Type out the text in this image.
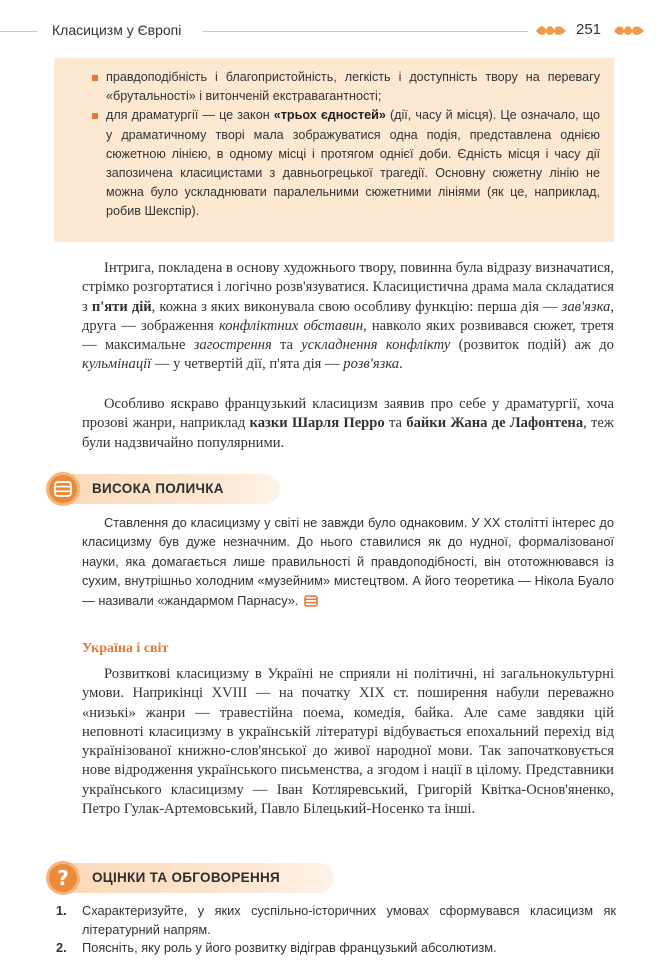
Класицизм у Європі	251
правдоподібність і благопристойність, легкість і доступність твору на перевагу «брутальності» і витонченій екстравагантності;
для драматургії — це закон «трьох єдностей» (дії, часу й місця). Це означало, що у драматичному творі мала зображуватися одна подія, представлена однією сюжетною лінією, в одному місці і протягом однієї доби. Єдність місця і часу дії запозичена класицистами з давньогрецької трагедії. Основну сюжетну лінію не можна було ускладнювати паралельними сюжетними лініями (як це, наприклад, робив Шекспір).

Інтрига, покладена в основу художнього твору, повинна була відразу визначатися, стрімко розгортатися і логічно розв'язуватися. Класицистична драма мала складатися з п'яти дій, кожна з яких виконувала свою особливу функцію: перша дія — зав'язка, друга — зображення конфліктних обставин, навколо яких розвивався сюжет, третя — максимальне загострення та ускладнення конфлікту (розвиток подій) аж до кульмінації — у четвертій дії, п'ята дія — розв'язка.

Особливо яскраво французький класицизм заявив про себе у драматургії, хоча прозові жанри, наприклад казки Шарля Перро та байки Жана де Лафонтена, теж були надзвичайно популярними.

ВИСОКА ПОЛИЧКА

Ставлення до класицизму у світі не завжди було однаковим. У XX столітті інтерес до класицизму був дуже незначним. До нього ставилися як до нудної, формалізованої науки, яка домагається лише правильності й правдоподібності, він ототожнювався із сухим, внутрішньо холодним «музейним» мистецтвом. А його теоретика — Нікола Буало — називали «жандармом Парнасу».

Україна і світ

Розвиткові класицизму в Україні не сприяли ні політичні, ні загальнокультурні умови. Наприкінці XVIII — на початку XIX ст. поширення набули переважно «низькі» жанри — травестійна поема, комедія, байка. Але саме завдяки цій неповноті класицизму в українській літературі відбувається епохальний перехід від українізованої книжно-слов'янської до живої народної мови. Так започатковується нове відродження українського письменства, а згодом і нації в цілому. Представники українського класицизму — Іван Котляревський, Григорій Квітка-Основ'яненко, Петро Гулак-Артемовський, Павло Білецький-Носенко та інші.

? ОЦІНКИ ТА ОБГОВОРЕННЯ
1. Схарактеризуйте, у яких суспільно-історичних умовах сформувався класицизм як літературний напрям.
2. Поясніть, яку роль у його розвитку відіграв французький абсолютизм.
